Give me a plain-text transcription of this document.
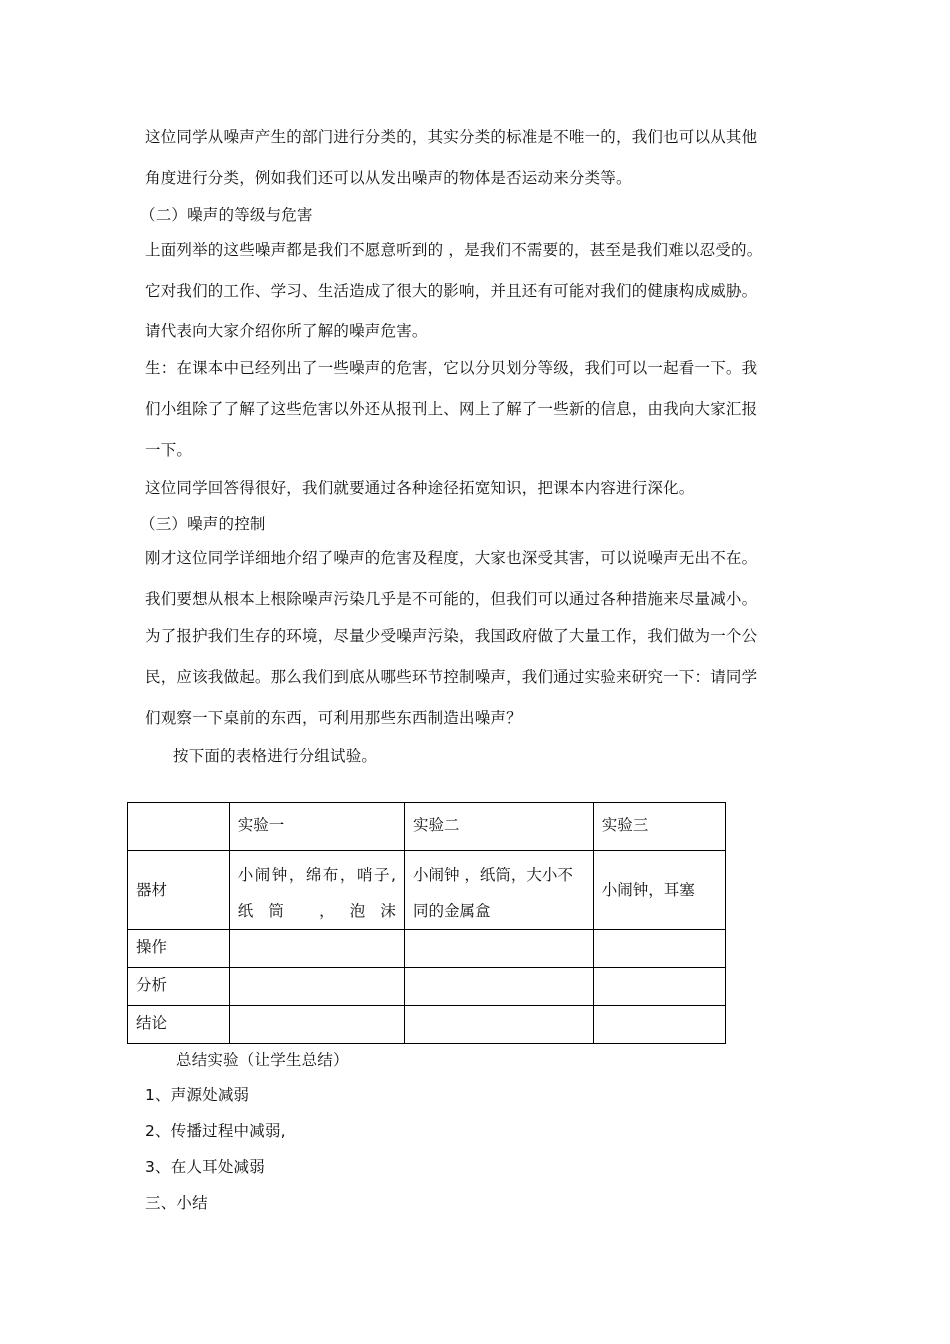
这位同学从噪声产生的部门进行分类的，其实分类的标准是不唯一的，我们也可以从其他
角度进行分类，例如我们还可以从发出噪声的物体是否运动来分类等。
（二）噪声的等级与危害
上面列举的这些噪声都是我们不愿意听到的 ，是我们不需要的，甚至是我们难以忍受的。
它对我们的工作、学习、生活造成了很大的影响，并且还有可能对我们的健康构成威胁。
请代表向大家介绍你所了解的噪声危害。
生：在课本中已经列出了一些噪声的危害，它以分贝划分等级，我们可以一起看一下。我
们小组除了了解了这些危害以外还从报刊上、网上了解了一些新的信息，由我向大家汇报
一下。
这位同学回答得很好，我们就要通过各种途径拓宽知识，把课本内容进行深化。
（三）噪声的控制
刚才这位同学详细地介绍了噪声的危害及程度，大家也深受其害，可以说噪声无出不在。
我们要想从根本上根除噪声污染几乎是不可能的，但我们可以通过各种措施来尽量减小。
为了报护我们生存的环境，尽量少受噪声污染，我国政府做了大量工作，我们做为一个公
民，应该我做起。那么我们到底从哪些环节控制噪声，我们通过实验来研究一下：请同学
们观察一下桌前的东西，可利用那些东西制造出噪声？
按下面的表格进行分组试验。
	实验一	实验二	实验三
器材	小闹钟，绵布，哨子,纸筒 ，泡沫	小闹钟 ，纸筒，大小不同的金属盒	小闹钟，耳塞
操作			
分析			
结论			
总结实验（让学生总结）
1、声源处减弱
2、传播过程中减弱,
3、在人耳处减弱
三、小结
